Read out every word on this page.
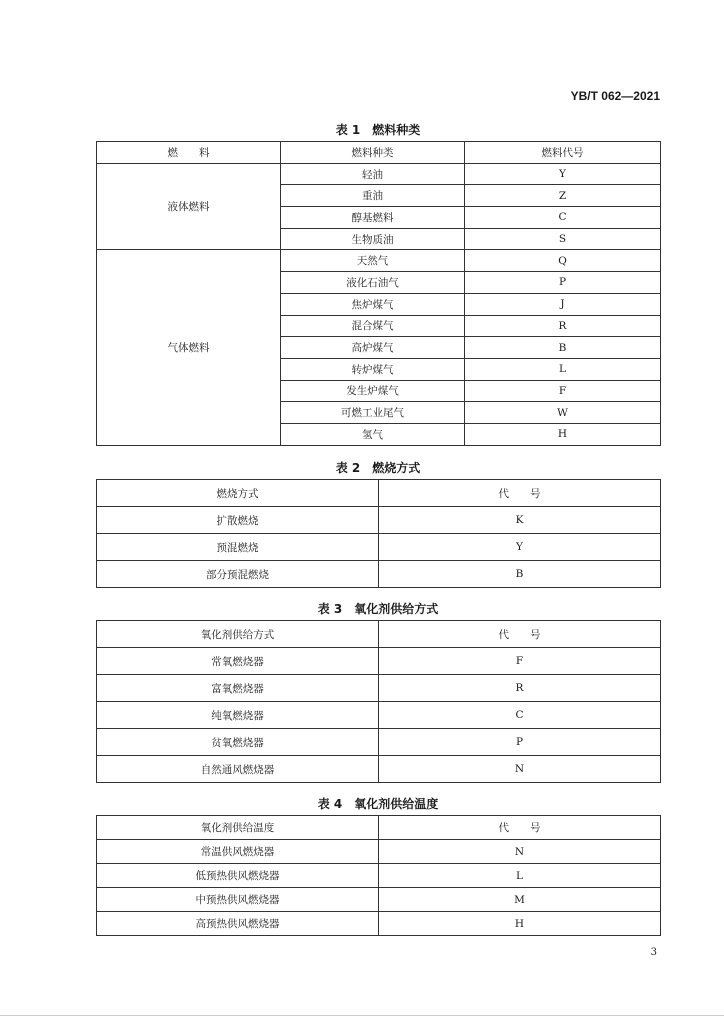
YB/T 062—2021
表 1　燃料种类
燃　　料	燃料种类	燃料代号
液体燃料	轻油	Y
	重油	Z
	醇基燃料	C
	生物质油	S
气体燃料	天然气	Q
	液化石油气	P
	焦炉煤气	J
	混合煤气	R
	高炉煤气	B
	转炉煤气	L
	发生炉煤气	F
	可燃工业尾气	W
	氢气	H
表 2　燃烧方式
燃烧方式	代　　号
扩散燃烧	K
预混燃烧	Y
部分预混燃烧	B
表 3　氧化剂供给方式
氧化剂供给方式	代　　号
常氧燃烧器	F
富氧燃烧器	R
纯氧燃烧器	C
贫氧燃烧器	P
自然通风燃烧器	N
表 4　氧化剂供给温度
氧化剂供给温度	代　　号
常温供风燃烧器	N
低预热供风燃烧器	L
中预热供风燃烧器	M
高预热供风燃烧器	H
3
